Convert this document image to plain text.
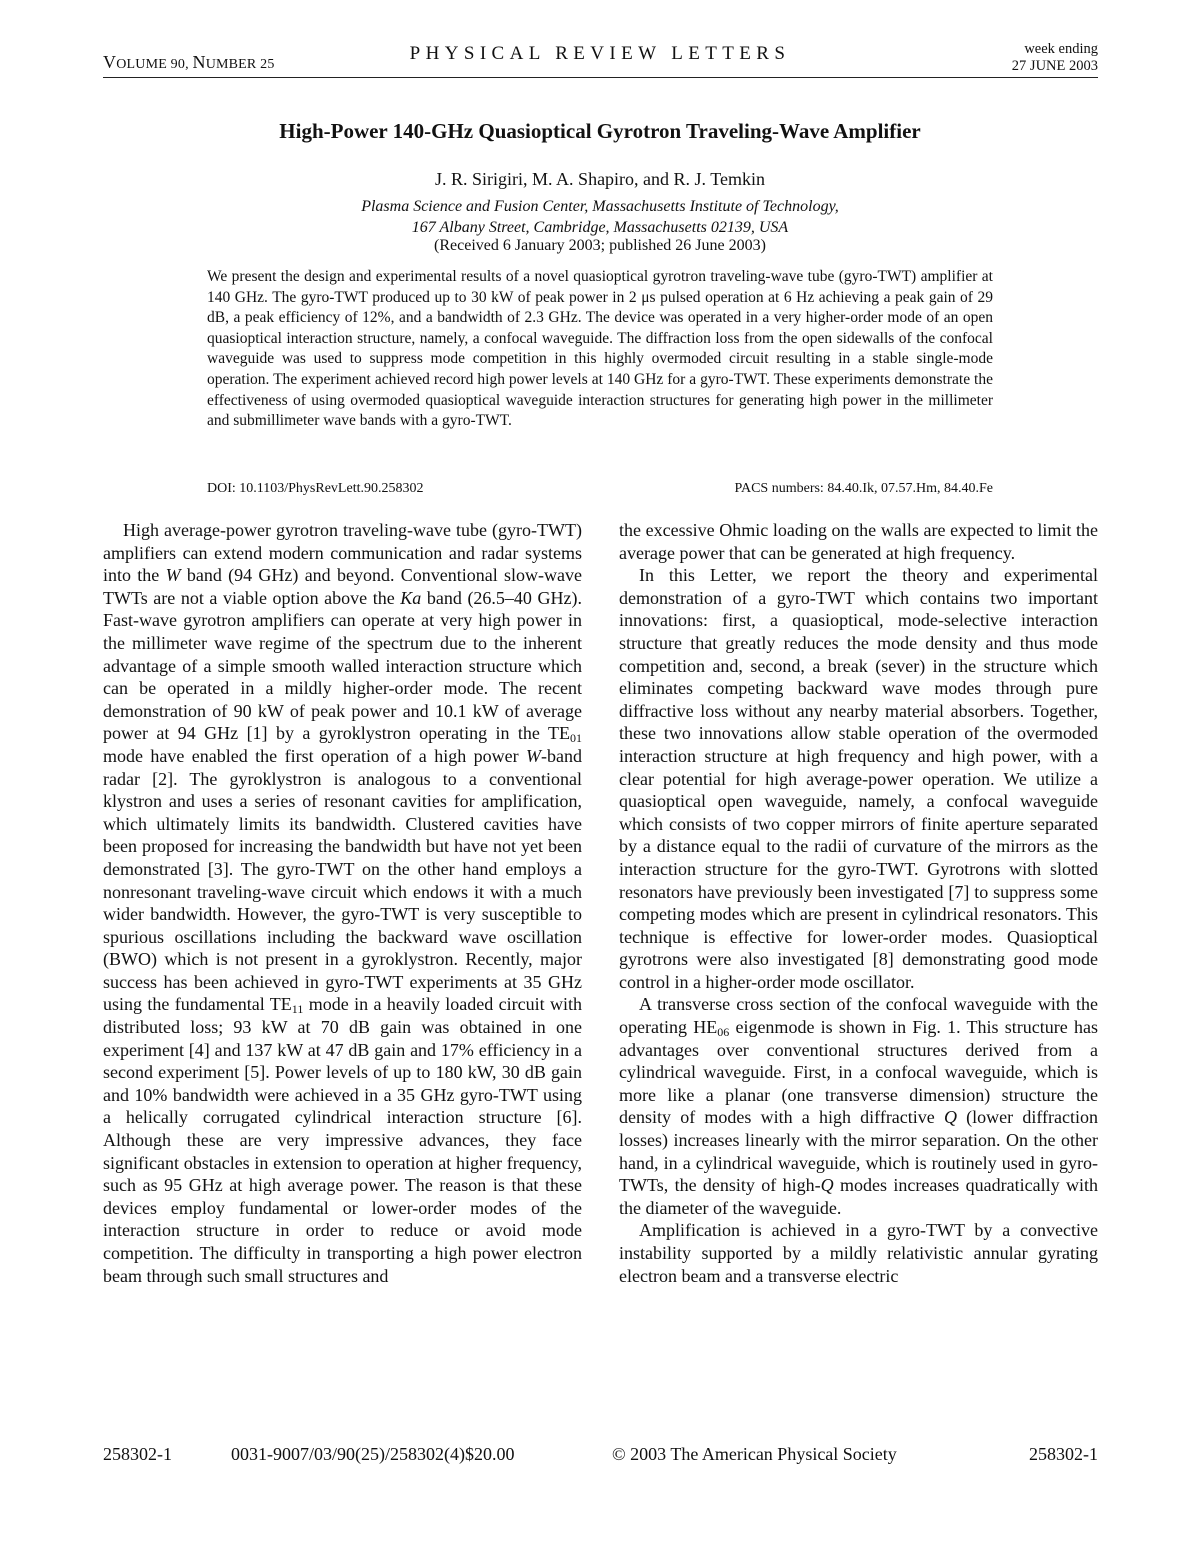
VOLUME 90, NUMBER 25
PHYSICAL REVIEW LETTERS	week ending
27 JUNE 2003
High-Power 140-GHz Quasioptical Gyrotron Traveling-Wave Amplifier
J. R. Sirigiri, M. A. Shapiro, and R. J. Temkin
Plasma Science and Fusion Center, Massachusetts Institute of Technology,
167 Albany Street, Cambridge, Massachusetts 02139, USA
(Received 6 January 2003; published 26 June 2003)
We present the design and experimental results of a novel quasioptical gyrotron traveling-wave tube (gyro-TWT) amplifier at 140 GHz. The gyro-TWT produced up to 30 kW of peak power in 2 μs pulsed operation at 6 Hz achieving a peak gain of 29 dB, a peak efficiency of 12%, and a bandwidth of 2.3 GHz. The device was operated in a very higher-order mode of an open quasioptical interaction structure, namely, a confocal waveguide. The diffraction loss from the open sidewalls of the confocal waveguide was used to suppress mode competition in this highly overmoded circuit resulting in a stable single-mode operation. The experiment achieved record high power levels at 140 GHz for a gyro-TWT. These experiments demonstrate the effectiveness of using overmoded quasioptical waveguide interaction structures for generating high power in the millimeter and submillimeter wave bands with a gyro-TWT.
DOI: 10.1103/PhysRevLett.90.258302	PACS numbers: 84.40.Ik, 07.57.Hm, 84.40.Fe

High average-power gyrotron traveling-wave tube (gyro-TWT) amplifiers can extend modern communication and radar systems into the W band (94 GHz) and beyond. Conventional slow-wave TWTs are not a viable option above the Ka band (26.5–40 GHz). Fast-wave gyrotron amplifiers can operate at very high power in the millimeter wave regime of the spectrum due to the inherent advantage of a simple smooth walled interaction structure which can be operated in a mildly higher-order mode. The recent demonstration of 90 kW of peak power and 10.1 kW of average power at 94 GHz [1] by a gyroklystron operating in the $TE_{01}$ mode have enabled the first operation of a high power W-band radar [2]. The gyroklystron is analogous to a conventional klystron and uses a series of resonant cavities for amplification, which ultimately limits its bandwidth. Clustered cavities have been proposed for increasing the bandwidth but have not yet been demonstrated [3]. The gyro-TWT on the other hand employs a nonresonant traveling-wave circuit which endows it with a much wider bandwidth. However, the gyro-TWT is very susceptible to spurious oscillations including the backward wave oscillation (BWO) which is not present in a gyroklystron. Recently, major success has been achieved in gyro-TWT experiments at 35 GHz using the fundamental $TE_{11}$ mode in a heavily loaded circuit with distributed loss; 93 kW at 70 dB gain was obtained in one experiment [4] and 137 kW at 47 dB gain and 17% efficiency in a second experiment [5]. Power levels of up to 180 kW, 30 dB gain and 10% bandwidth were achieved in a 35 GHz gyro-TWT using a helically corrugated cylindrical interaction structure [6]. Although these are very impressive advances, they face significant obstacles in extension to operation at higher frequency, such as 95 GHz at high average power. The reason is that these devices employ fundamental or lower-order modes of the interaction structure in order to reduce or avoid mode competition. The difficulty in transporting a high power electron beam through such small structures and

the excessive Ohmic loading on the walls are expected to limit the average power that can be generated at high frequency.

In this Letter, we report the theory and experimental demonstration of a gyro-TWT which contains two important innovations: first, a quasioptical, mode-selective interaction structure that greatly reduces the mode density and thus mode competition and, second, a break (sever) in the structure which eliminates competing backward wave modes through pure diffractive loss without any nearby material absorbers. Together, these two innovations allow stable operation of the overmoded interaction structure at high frequency and high power, with a clear potential for high average-power operation. We utilize a quasioptical open waveguide, namely, a confocal waveguide which consists of two copper mirrors of finite aperture separated by a distance equal to the radii of curvature of the mirrors as the interaction structure for the gyro-TWT. Gyrotrons with slotted resonators have previously been investigated [7] to suppress some competing modes which are present in cylindrical resonators. This technique is effective for lower-order modes. Quasioptical gyrotrons were also investigated [8] demonstrating good mode control in a higher-order mode oscillator.

A transverse cross section of the confocal waveguide with the operating $HE_{06}$ eigenmode is shown in Fig. 1. This structure has advantages over conventional structures derived from a cylindrical waveguide. First, in a confocal waveguide, which is more like a planar (one transverse dimension) structure the density of modes with a high diffractive Q (lower diffraction losses) increases linearly with the mirror separation. On the other hand, in a cylindrical waveguide, which is routinely used in gyro-TWTs, the density of high-Q modes increases quadratically with the diameter of the waveguide.

Amplification is achieved in a gyro-TWT by a convective instability supported by a mildly relativistic annular gyrating electron beam and a transverse electric

258302-1	0031-9007/03/90(25)/258302(4)$20.00	© 2003 The American Physical Society	258302-1
